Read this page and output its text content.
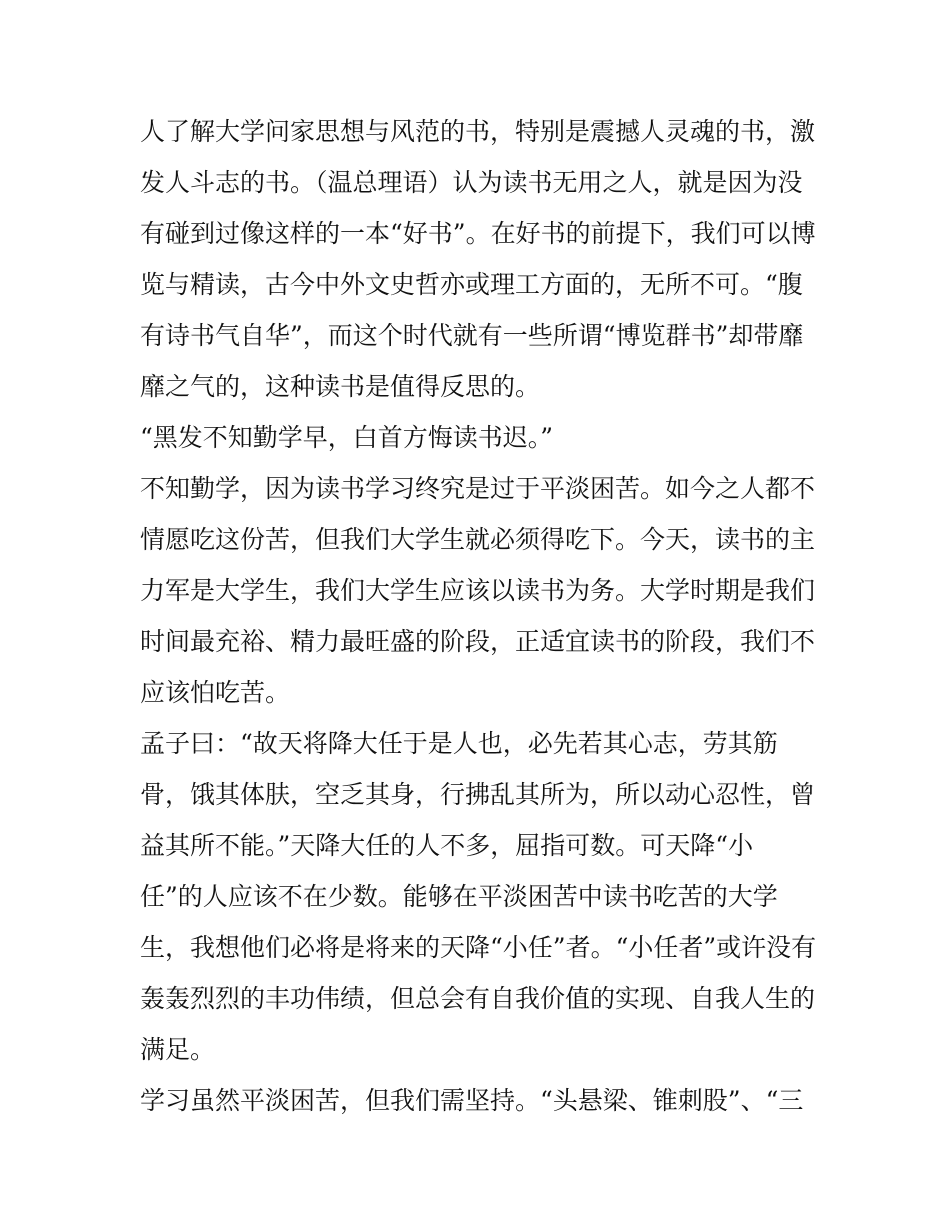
人了解大学问家思想与风范的书，特别是震撼人灵魂的书，激
发人斗志的书。（温总理语）认为读书无用之人，就是因为没
有碰到过像这样的一本“好书”。在好书的前提下，我们可以博
览与精读，古今中外文史哲亦或理工方面的，无所不可。“腹
有诗书气自华”，而这个时代就有一些所谓“博览群书”却带靡
靡之气的，这种读书是值得反思的。
“黑发不知勤学早，白首方悔读书迟。”
不知勤学，因为读书学习终究是过于平淡困苦。如今之人都不
情愿吃这份苦，但我们大学生就必须得吃下。今天，读书的主
力军是大学生，我们大学生应该以读书为务。大学时期是我们
时间最充裕、精力最旺盛的阶段，正适宜读书的阶段，我们不
应该怕吃苦。
孟子曰：“故天将降大任于是人也，必先若其心志，劳其筋
骨，饿其体肤，空乏其身，行拂乱其所为，所以动心忍性，曾
益其所不能。”天降大任的人不多，屈指可数。可天降“小
任”的人应该不在少数。能够在平淡困苦中读书吃苦的大学
生，我想他们必将是将来的天降“小任”者。“小任者”或许没有
轰轰烈烈的丰功伟绩，但总会有自我价值的实现、自我人生的
满足。
学习虽然平淡困苦，但我们需坚持。“头悬梁、锥刺股”、“三
